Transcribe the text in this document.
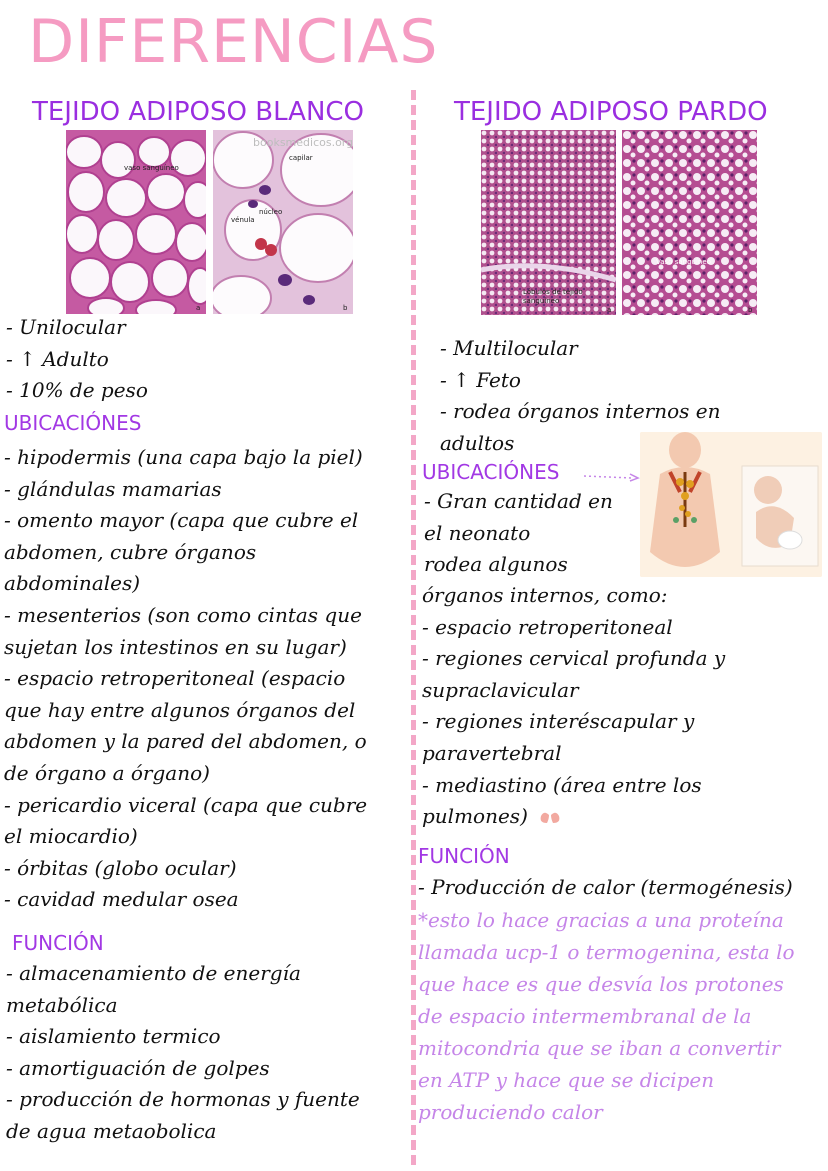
DIFERENCIAS
TEJIDO ADIPOSO BLANCO
vaso sanguíneo
a
booksmedicos.org
capilar
núcleo
vénula
b
- Unilocular
- ↑ Adulto
- 10% de peso
UBICACIÓNES
- hipodermis (una capa bajo la piel)
- glándulas mamarias
- omento mayor (capa que cubre el
abdomen, cubre órganos
abdominales)
- mesenterios (son como cintas que
sujetan los intestinos en su lugar)
- espacio retroperitoneal (espacio
que hay entre algunos órganos del
abdomen y la pared del abdomen, o
de órgano a órgano)
- pericardio viceral (capa que cubre
el miocardio)
- órbitas (globo ocular)
- cavidad medular osea
FUNCIÓN
- almacenamiento de energía
metabólica
- aislamiento termico
- amortiguación de golpes
- producción de hormonas y fuente
de agua metaobolica
TEJIDO ADIPOSO PARDO
Lóbulos de tejido sanguíneo
a
Vaso sanguíneo
b
- Multilocular
- ↑ Feto
- rodea órganos internos en
adultos
UBICACIÓNES
- Gran cantidad en
el neonato
rodea algunos
órganos internos, como:
- espacio retroperitoneal
- regiones cervical profunda y
supraclavicular
- regiones interéscapular y
paravertebral
- mediastino (área entre los
pulmones)
FUNCIÓN
- Producción de calor (termogénesis)
*esto lo hace gracias a una proteína
llamada ucp-1 o termogenina, esta lo
que hace es que desvía los protones
de espacio intermembranal de la
mitocondria que se iban a convertir
en ATP y hace que se dicipen
produciendo calor
